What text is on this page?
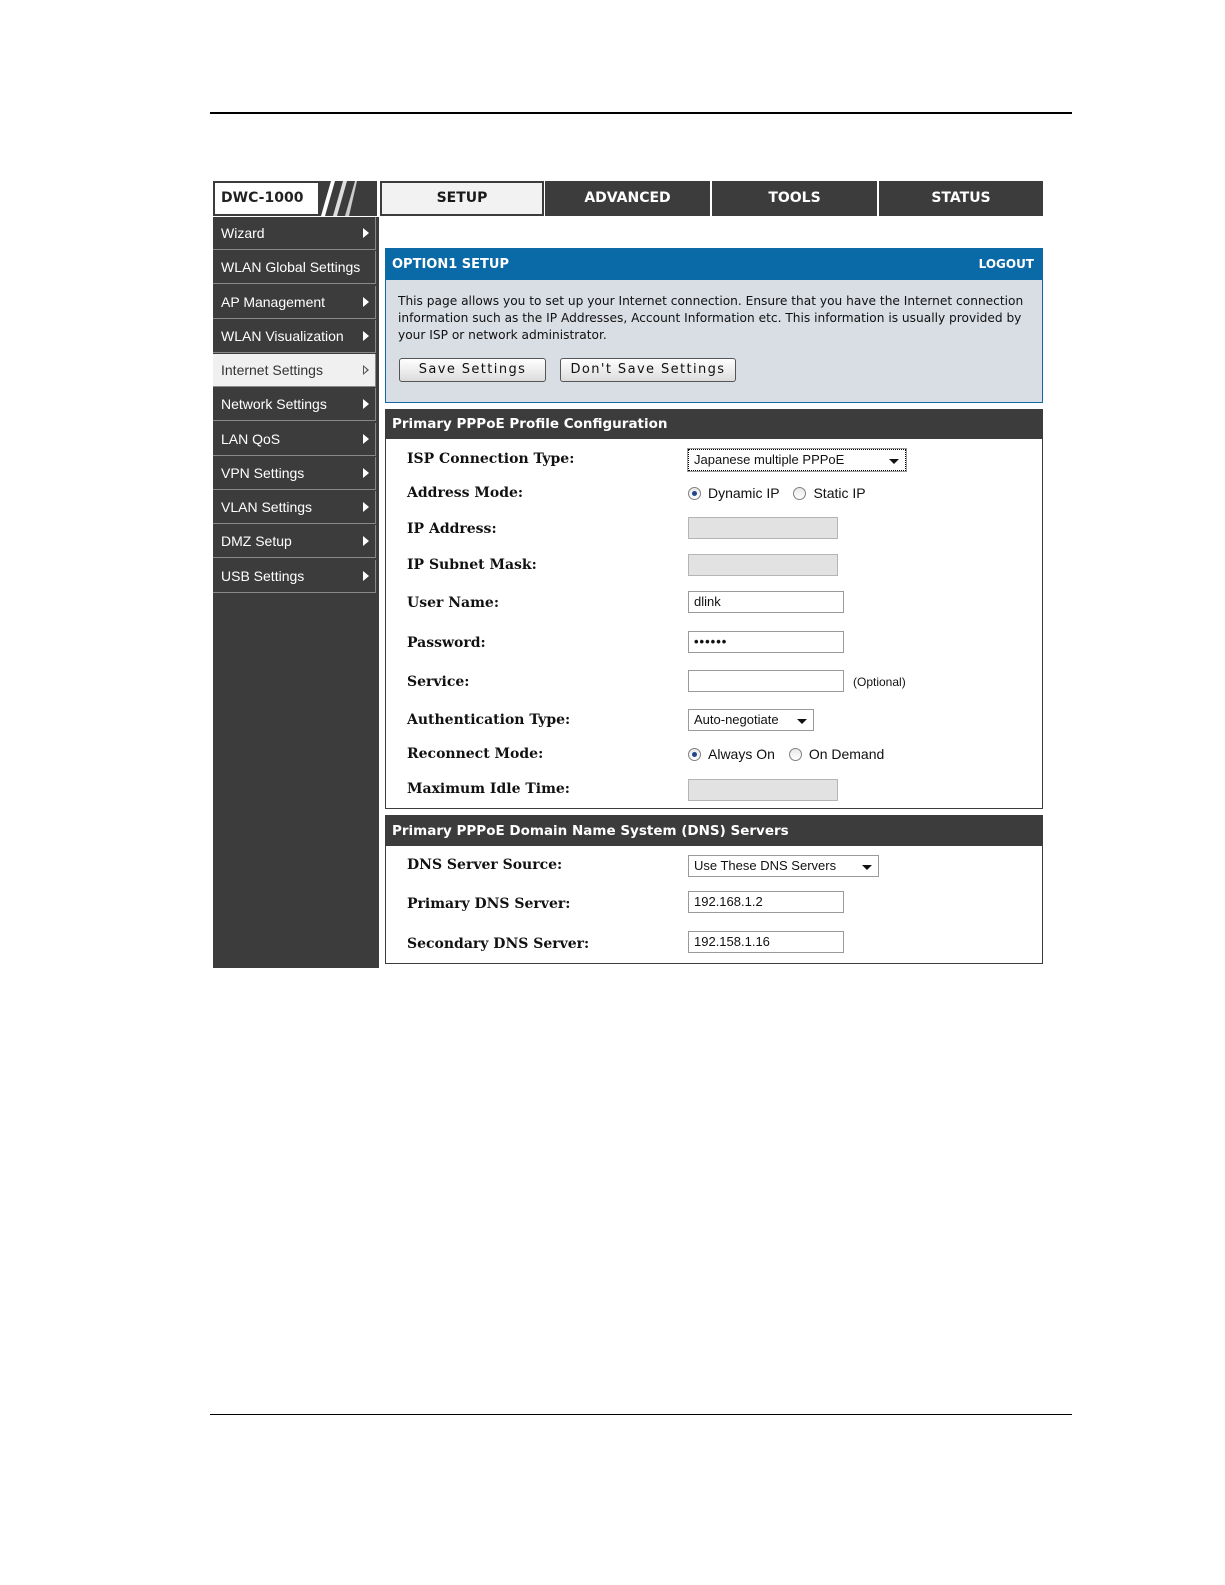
DWC-1000	SETUP	ADVANCED	TOOLS	STATUS
Wizard
WLAN Global Settings
AP Management
WLAN Visualization
Internet Settings
Network Settings
LAN QoS
VPN Settings
VLAN Settings
DMZ Setup
USB Settings
OPTION1 SETUP	LOGOUT
This page allows you to set up your Internet connection. Ensure that you have the Internet connection information such as the IP Addresses, Account Information etc. This information is usually provided by your ISP or network administrator.
Save Settings	Don't Save Settings
Primary PPPoE Profile Configuration
ISP Connection Type:	Japanese multiple PPPoE
Address Mode:	Dynamic IP Static IP
IP Address:
IP Subnet Mask:
User Name:	dlink
Password:	••••••
Service:	(Optional)
Authentication Type:	Auto-negotiate
Reconnect Mode:	Always On On Demand
Maximum Idle Time:
Primary PPPoE Domain Name System (DNS) Servers
DNS Server Source:	Use These DNS Servers
Primary DNS Server:	192.168.1.2
Secondary DNS Server:	192.158.1.16
